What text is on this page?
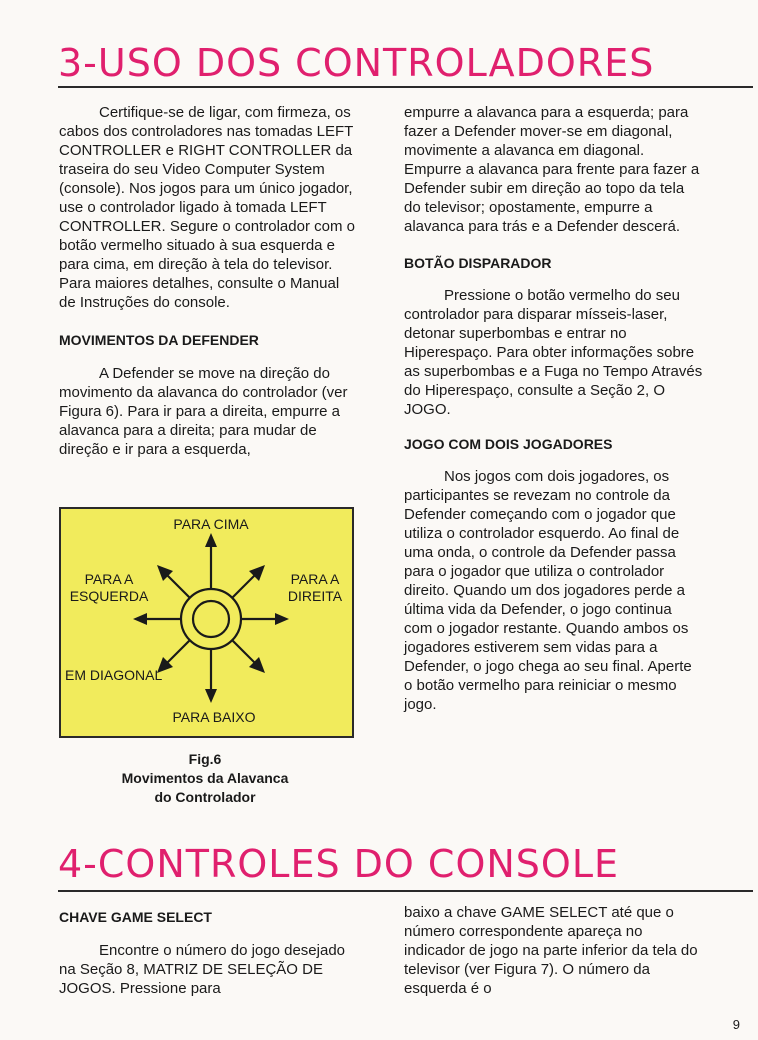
3-USO DOS CONTROLADORES

Certifique-se de ligar, com firmeza, os cabos dos controladores nas tomadas LEFT CONTROLLER e RIGHT CONTROLLER da traseira do seu Video Computer System (console). Nos jogos para um único jogador, use o controlador ligado à tomada LEFT CONTROLLER. Segure o controlador com o botão vermelho situado à sua esquerda e para cima, em direção à tela do televisor. Para maiores detalhes, consulte o Manual de Instruções do console.

MOVIMENTOS DA DEFENDER

A Defender se move na direção do movimento da alavanca do controlador (ver Figura 6). Para ir para a direita, empurre a alavanca para a direita; para mudar de direção e ir para a esquerda,

PARA CIMA
PARA A
ESQUERDA
PARA A
DIREITA
EM DIAGONAL
PARA BAIXO
Fig.6
Movimentos da Alavanca
do Controlador

empurre a alavanca para a esquerda; para fazer a Defender mover-se em diagonal, movimente a alavanca em diagonal. Empurre a alavanca para frente para fazer a Defender subir em direção ao topo da tela do televisor; opostamente, empurre a alavanca para trás e a Defender descerá.

BOTÃO DISPARADOR

Pressione o botão vermelho do seu controlador para disparar mísseis-laser, detonar superbombas e entrar no Hiperespaço. Para obter informações sobre as superbombas e a Fuga no Tempo Através do Hiperespaço, consulte a Seção 2, O JOGO.

JOGO COM DOIS JOGADORES

Nos jogos com dois jogadores, os participantes se revezam no controle da Defender começando com o jogador que utiliza o controlador esquerdo. Ao final de uma onda, o controle da Defender passa para o jogador que utiliza o controlador direito. Quando um dos jogadores perde a última vida da Defender, o jogo continua com o jogador restante. Quando ambos os jogadores estiverem sem vidas para a Defender, o jogo chega ao seu final. Aperte o botão vermelho para reiniciar o mesmo jogo.

4-CONTROLES DO CONSOLE

CHAVE GAME SELECT

Encontre o número do jogo desejado na Seção 8, MATRIZ DE SELEÇÃO DE JOGOS. Pressione para

baixo a chave GAME SELECT até que o número correspondente apareça no indicador de jogo na parte inferior da tela do televisor (ver Figura 7). O número da esquerda é o

9
